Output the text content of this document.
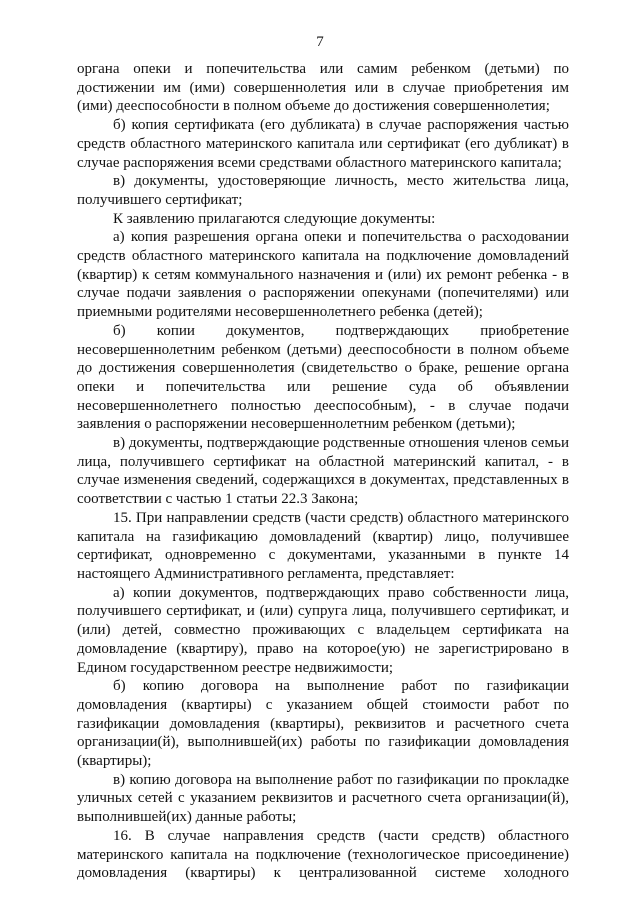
7

органа опеки и попечительства или самим ребенком (детьми) по достижении им (ими) совершеннолетия или в случае приобретения им (ими) дееспособности в полном объеме до достижения совершеннолетия;

б) копия сертификата (его дубликата) в случае распоряжения частью средств областного материнского капитала или сертификат (его дубликат) в случае распоряжения всеми средствами областного материнского капитала;

в) документы, удостоверяющие личность, место жительства лица, получившего сертификат;

К заявлению прилагаются следующие документы:

а) копия разрешения органа опеки и попечительства о расходовании средств областного материнского капитала на подключение домовладений (квартир) к сетям коммунального назначения и (или) их ремонт ребенка - в случае подачи заявления о распоряжении опекунами (попечителями) или приемными родителями несовершеннолетнего ребенка (детей);

б) копии документов, подтверждающих приобретение несовершеннолетним ребенком (детьми) дееспособности в полном объеме до достижения совершеннолетия (свидетельство о браке, решение органа опеки и попечительства или решение суда об объявлении несовершеннолетнего полностью дееспособным), - в случае подачи заявления о распоряжении несовершеннолетним ребенком (детьми);

в) документы, подтверждающие родственные отношения членов семьи лица, получившего сертификат на областной материнский капитал, - в случае изменения сведений, содержащихся в документах, представленных в соответствии с частью 1 статьи 22.3 Закона;

15. При направлении средств (части средств) областного материнского капитала на газификацию домовладений (квартир) лицо, получившее сертификат, одновременно с документами, указанными в пункте 14 настоящего Административного регламента, представляет:

а) копии документов, подтверждающих право собственности лица, получившего сертификат, и (или) супруга лица, получившего сертификат, и (или) детей, совместно проживающих с владельцем сертификата на домовладение (квартиру), право на которое(ую) не зарегистрировано в Едином государственном реестре недвижимости;

б) копию договора на выполнение работ по газификации домовладения (квартиры) с указанием общей стоимости работ по газификации домовладения (квартиры), реквизитов и расчетного счета организации(й), выполнившей(их) работы по газификации домовладения (квартиры);

в) копию договора на выполнение работ по газификации по прокладке уличных сетей с указанием реквизитов и расчетного счета организации(й), выполнившей(их) данные работы;

16. В случае направления средств (части средств) областного материнского капитала на подключение (технологическое присоединение) домовладения (квартиры) к централизованной системе холодного
